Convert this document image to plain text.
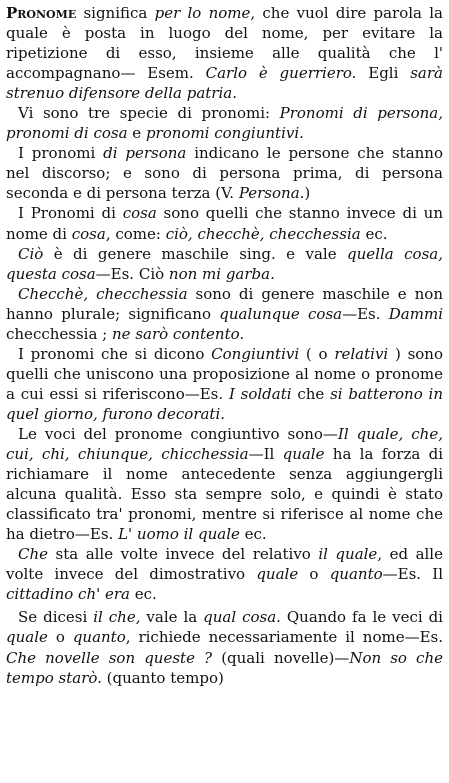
Pronome significa per lo nome, che vuol dire parola la quale è posta in luogo del nome, per evitare la ripetizione di esso, insieme alle qualità che l' accompagnano— Esem. Carlo è guerriero. Egli sarà strenuo difensore della patria.

Vi sono tre specie di pronomi: Pronomi di persona, pronomi di cosa e pronomi congiuntivi.

I pronomi di persona indicano le persone che stanno nel discorso; e sono di persona prima, di persona seconda e di persona terza (V. Persona.)

I Pronomi di cosa sono quelli che stanno invece di un nome di cosa, come: ciò, checchè, checchessia ec.

Ciò è di genere maschile sing. e vale quella cosa, questa cosa—Es. Ciò non mi garba.

Checchè, checchessia sono di genere maschile e non hanno plurale; significano qualunque cosa—Es. Dammi checchessia ; ne sarò contento.

I pronomi che si dicono Congiuntivi ( o relativi ) sono quelli che uniscono una proposizione al nome o pronome a cui essi si riferiscono—Es. I soldati che si batterono in quel giorno, furono decorati.

Le voci del pronome congiuntivo sono—Il quale, che, cui, chi, chiunque, chicchessia—Il quale ha la forza di richiamare il nome antecedente senza aggiungergli alcuna qualità. Esso sta sempre solo, e quindi è stato classificato tra' pronomi, mentre si riferisce al nome che ha dietro—Es. L' uomo il quale ec.

Che sta alle volte invece del relativo il quale, ed alle volte invece del dimostrativo quale o quanto—Es. Il cittadino ch' era ec.

Se dicesi il che, vale la qual cosa. Quando fa le veci di quale o quanto, richiede necessariamente il nome—Es. Che novelle son queste ? (quali novelle)—Non so che tempo starò. (quanto tempo)
